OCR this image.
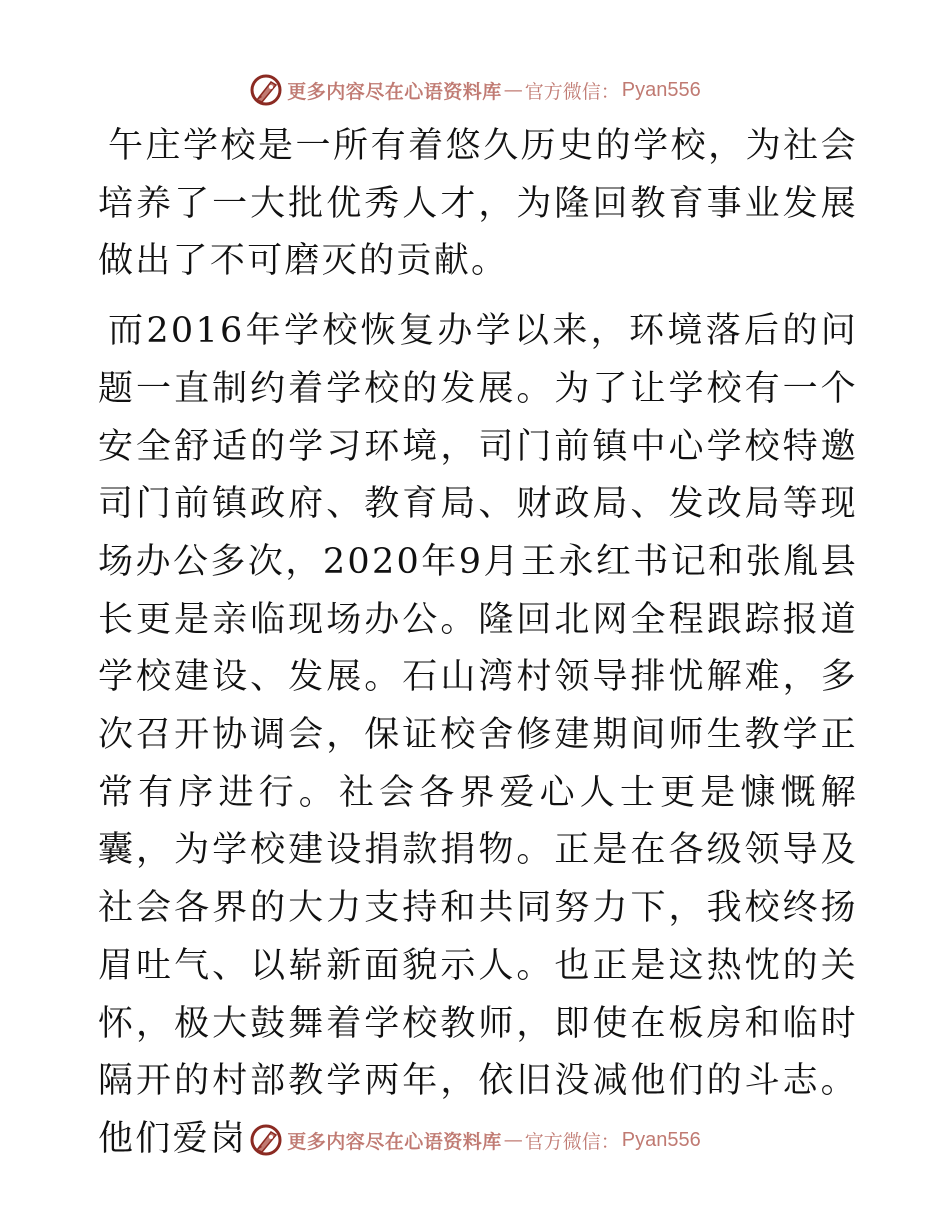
更多内容尽在心语资料库 — 官方微信： Pyan556

午庄学校是一所有着悠久历史的学校，为社会培养了一大批优秀人才，为隆回教育事业发展做出了不可磨灭的贡献。

而2016年学校恢复办学以来，环境落后的问题一直制约着学校的发展。为了让学校有一个安全舒适的学习环境，司门前镇中心学校特邀司门前镇政府、教育局、财政局、发改局等现场办公多次，2020年9月王永红书记和张胤县长更是亲临现场办公。隆回北网全程跟踪报道学校建设、发展。石山湾村领导排忧解难，多次召开协调会，保证校舍修建期间师生教学正常有序进行。社会各界爱心人士更是慷慨解囊，为学校建设捐款捐物。正是在各级领导及社会各界的大力支持和共同努力下，我校终扬眉吐气、以崭新面貌示人。也正是这热忱的关怀，极大鼓舞着学校教师，即使在板房和临时隔开的村部教学两年，依旧没减他们的斗志。他们爱岗	更多内容尽在心语资料库 — 官方微信： Pyan556
